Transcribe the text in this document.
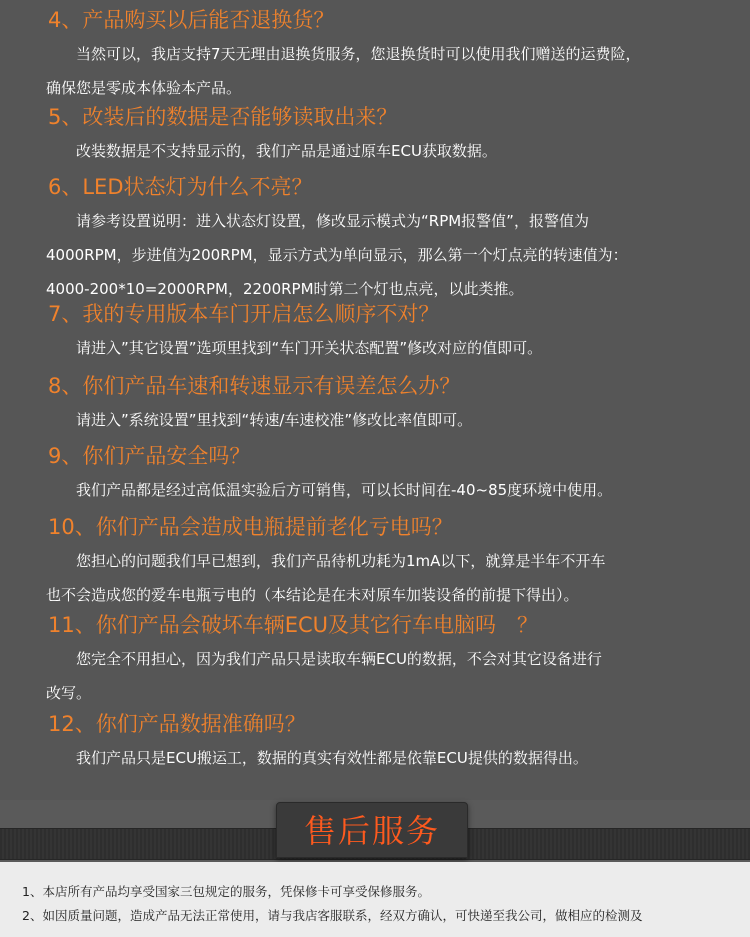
4、产品购买以后能否退换货？

当然可以，我店支持7天无理由退换货服务，您退换货时可以使用我们赠送的运费险，
确保您是零成本体验本产品。

5、改装后的数据是否能够读取出来？

改装数据是不支持显示的，我们产品是通过原车ECU获取数据。

6、LED状态灯为什么不亮？

请参考设置说明：进入状态灯设置，修改显示模式为“RPM报警值”，报警值为
4000RPM，步进值为200RPM，显示方式为单向显示，那么第一个灯点亮的转速值为：
4000-200*10=2000RPM，2200RPM时第二个灯也点亮，以此类推。

7、我的专用版本车门开启怎么顺序不对？

请进入”其它设置”选项里找到“车门开关状态配置”修改对应的值即可。

8、你们产品车速和转速显示有误差怎么办？

请进入”系统设置”里找到“转速/车速校准”修改比率值即可。

9、你们产品安全吗？

我们产品都是经过高低温实验后方可销售，可以长时间在-40~85度环境中使用。

10、你们产品会造成电瓶提前老化亏电吗？

您担心的问题我们早已想到，我们产品待机功耗为1mA以下，就算是半年不开车
也不会造成您的爱车电瓶亏电的（本结论是在未对原车加装设备的前提下得出）。

11、你们产品会破坏车辆ECU及其它行车电脑吗　？

您完全不用担心，因为我们产品只是读取车辆ECU的数据，不会对其它设备进行
改写。

12、你们产品数据准确吗？

我们产品只是ECU搬运工，数据的真实有效性都是依靠ECU提供的数据得出。

售后服务
1、本店所有产品均享受国家三包规定的服务，凭保修卡可享受保修服务。
2、如因质量问题，造成产品无法正常使用，请与我店客服联系，经双方确认，可快递至我公司，做相应的检测及
